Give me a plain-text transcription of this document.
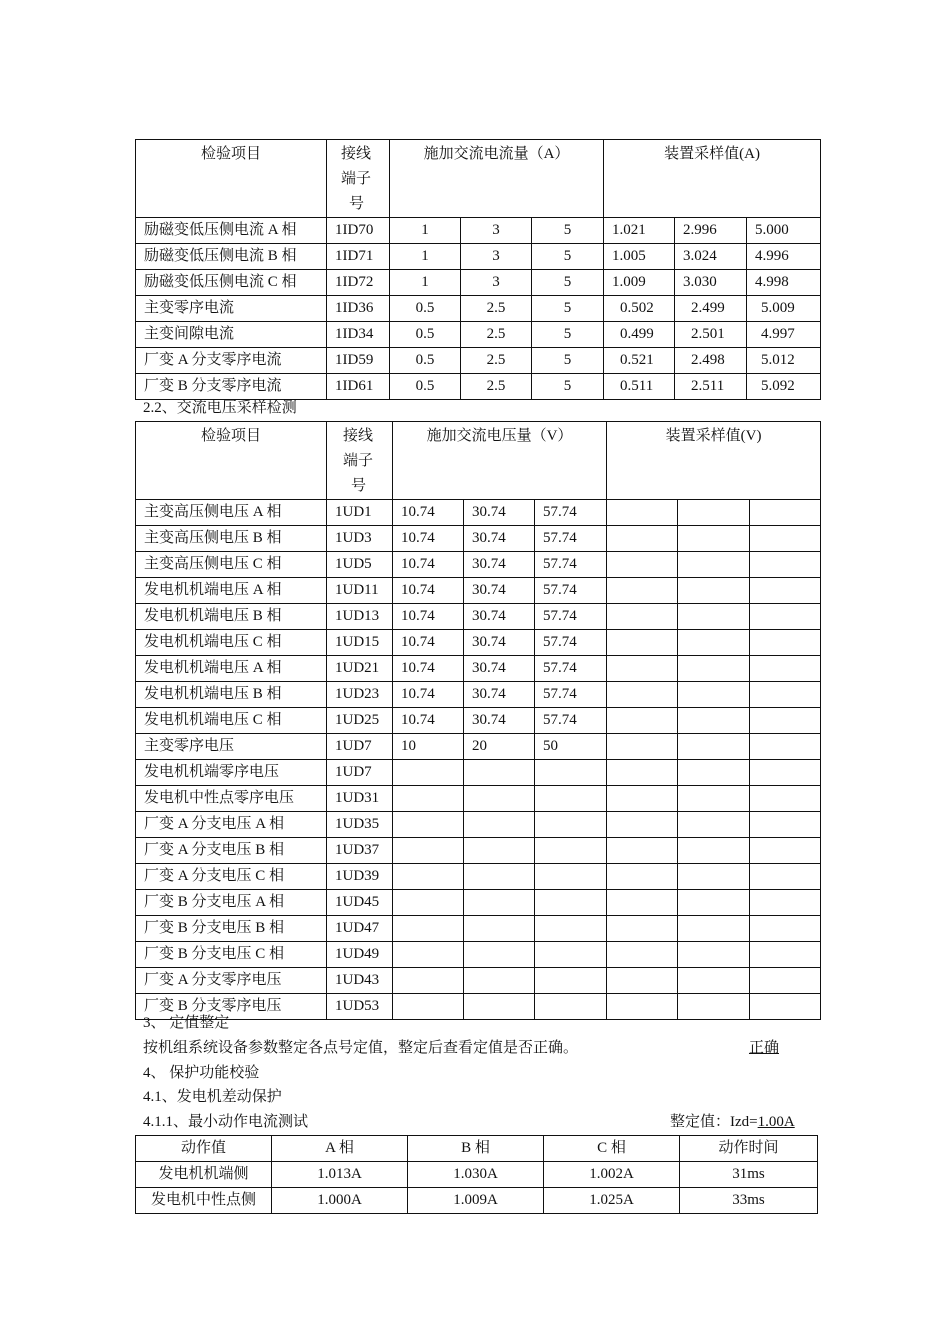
检验项目	接线
端子
号	施加交流电流量（A）			装置采样值(A)		
励磁变低压侧电流 A 相	1ID70	1	3	5	1.021	2.996	5.000
励磁变低压侧电流 B 相	1ID71	1	3	5	1.005	3.024	4.996
励磁变低压侧电流 C 相	1ID72	1	3	5	1.009	3.030	4.998
主变零序电流	1ID36	0.5	2.5	5	0.502	2.499	5.009
主变间隙电流	1ID34	0.5	2.5	5	0.499	2.501	4.997
厂变 A 分支零序电流	1ID59	0.5	2.5	5	0.521	2.498	5.012
厂变 B 分支零序电流	1ID61	0.5	2.5	5	0.511	2.511	5.092
2.2、交流电压采样检测
检验项目	接线
端子
号	施加交流电压量（V）			装置采样值(V)		
主变高压侧电压 A 相	1UD1	10.74	30.74	57.74			
主变高压侧电压 B 相	1UD3	10.74	30.74	57.74			
主变高压侧电压 C 相	1UD5	10.74	30.74	57.74			
发电机机端电压 A 相	1UD11	10.74	30.74	57.74			
发电机机端电压 B 相	1UD13	10.74	30.74	57.74			
发电机机端电压 C 相	1UD15	10.74	30.74	57.74			
发电机机端电压 A 相	1UD21	10.74	30.74	57.74			
发电机机端电压 B 相	1UD23	10.74	30.74	57.74			
发电机机端电压 C 相	1UD25	10.74	30.74	57.74			
主变零序电压	1UD7	10	20	50			
发电机机端零序电压	1UD7						
发电机中性点零序电压	1UD31						
厂变 A 分支电压 A 相	1UD35						
厂变 A 分支电压 B 相	1UD37						
厂变 A 分支电压 C 相	1UD39						
厂变 B 分支电压 A 相	1UD45						
厂变 B 分支电压 B 相	1UD47						
厂变 B 分支电压 C 相	1UD49						
厂变 A 分支零序电压	1UD43						
厂变 B 分支零序电压	1UD53						
3、 定值整定
按机组系统设备参数整定各点号定值，整定后查看定值是否正确。	正确
4、 保护功能校验
4.1、发电机差动保护
4.1.1、最小动作电流测试	整定值：Izd=1.00A
动作值	A 相	B 相	C 相	动作时间
发电机机端侧	1.013A	1.030A	1.002A	31ms
发电机中性点侧	1.000A	1.009A	1.025A	33ms
